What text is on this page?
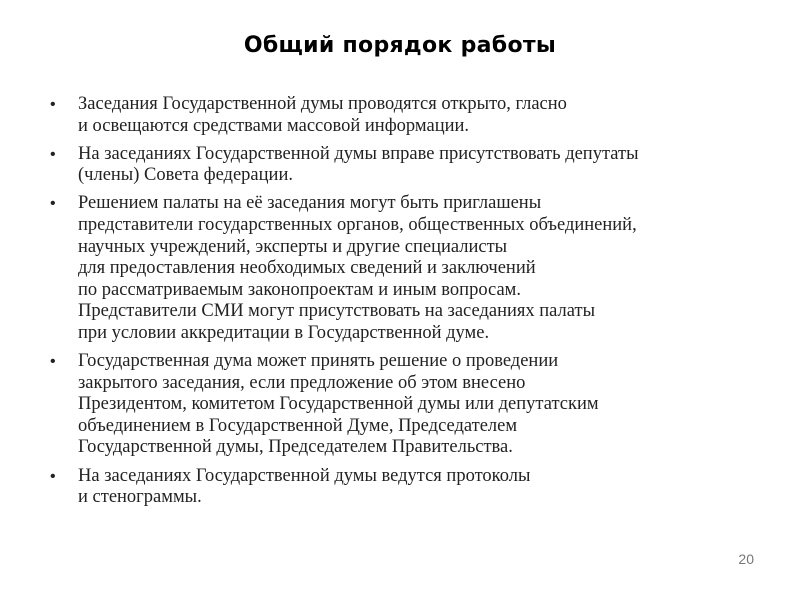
Общий порядок работы
• Заседания Государственной думы проводятся открыто, гласно
и освещаются средствами массовой информации.
• На заседаниях Государственной думы вправе присутствовать депутаты
(члены) Совета федерации.
• Решением палаты на её заседания могут быть приглашены
представители государственных органов, общественных объединений,
научных учреждений, эксперты и другие специалисты
для предоставления необходимых сведений и заключений
по рассматриваемым законопроектам и иным вопросам.
Представители СМИ могут присутствовать на заседаниях палаты
при условии аккредитации в Государственной думе.
• Государственная дума может принять решение о проведении
закрытого заседания, если предложение об этом внесено
Президентом, комитетом Государственной думы или депутатским
объединением в Государственной Думе, Председателем
Государственной думы, Председателем Правительства.
• На заседаниях Государственной думы ведутся протоколы
и стенограммы.
20
